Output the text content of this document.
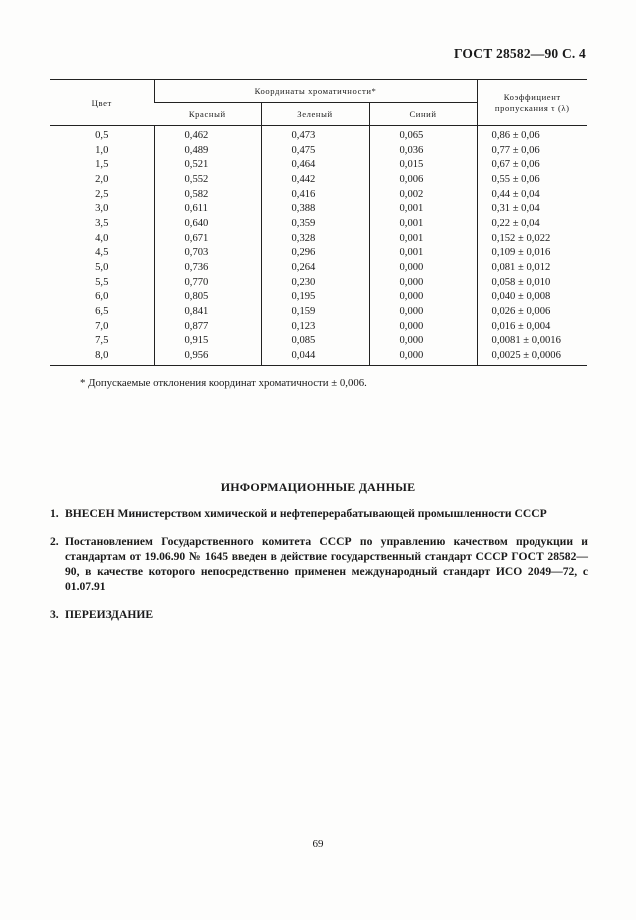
ГОСТ 28582—90 С. 4
Цвет	Координаты хроматичности*			Коэффициент
пропускания τ (λ)
	Красный	Зеленый	Синий	
0,5	0,462	0,473	0,065	0,86 ± 0,06
1,0	0,489	0,475	0,036	0,77 ± 0,06
1,5	0,521	0,464	0,015	0,67 ± 0,06
2,0	0,552	0,442	0,006	0,55 ± 0,06
2,5	0,582	0,416	0,002	0,44 ± 0,04
3,0	0,611	0,388	0,001	0,31 ± 0,04
3,5	0,640	0,359	0,001	0,22 ± 0,04
4,0	0,671	0,328	0,001	0,152 ± 0,022
4,5	0,703	0,296	0,001	0,109 ± 0,016
5,0	0,736	0,264	0,000	0,081 ± 0,012
5,5	0,770	0,230	0,000	0,058 ± 0,010
6,0	0,805	0,195	0,000	0,040 ± 0,008
6,5	0,841	0,159	0,000	0,026 ± 0,006
7,0	0,877	0,123	0,000	0,016 ± 0,004
7,5	0,915	0,085	0,000	0,0081 ± 0,0016
8,0	0,956	0,044	0,000	0,0025 ± 0,0006
* Допускаемые отклонения координат хроматичности ± 0,006.
ИНФОРМАЦИОННЫЕ ДАННЫЕ
1. ВНЕСЕН Министерством химической и нефтеперерабатывающей промышленности СССР
2. Постановлением Государственного комитета СССР по управлению качеством продукции и стандартам от 19.06.90 № 1645 введен в действие государственный стандарт СССР ГОСТ 28582—90, в качестве которого непосредственно применен международный стандарт ИСО 2049—72, с 01.07.91
3. ПЕРЕИЗДАНИЕ
69
